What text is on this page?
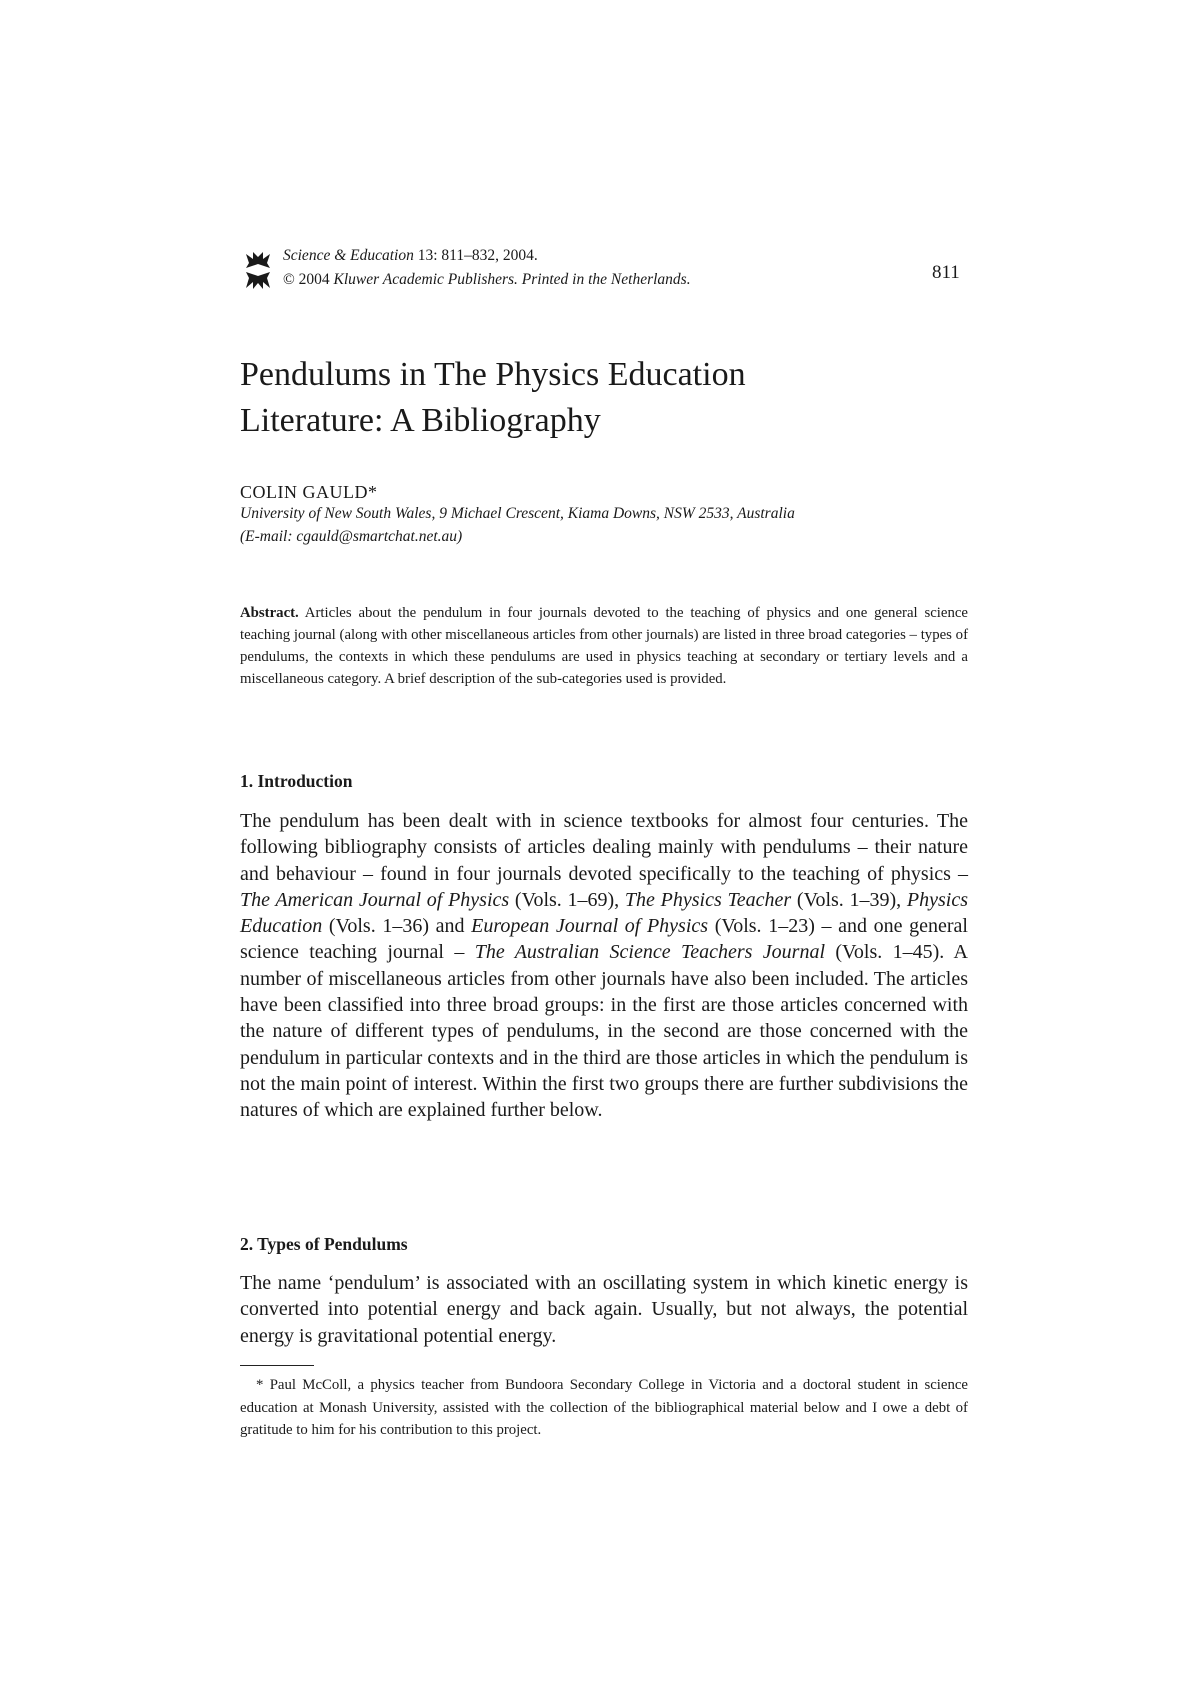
Science & Education 13: 811–832, 2004.
© 2004 Kluwer Academic Publishers. Printed in the Netherlands.	811
Pendulums in The Physics Education
Literature: A Bibliography
COLIN GAULD*
University of New South Wales, 9 Michael Crescent, Kiama Downs, NSW 2533, Australia
(E-mail: cgauld@smartchat.net.au)

Abstract. Articles about the pendulum in four journals devoted to the teaching of physics and one general science teaching journal (along with other miscellaneous articles from other journals) are listed in three broad categories – types of pendulums, the contexts in which these pendulums are used in physics teaching at secondary or tertiary levels and a miscellaneous category. A brief description of the sub-categories used is provided.

1. Introduction

The pendulum has been dealt with in science textbooks for almost four centuries. The following bibliography consists of articles dealing mainly with pendulums – their nature and behaviour – found in four journals devoted specifically to the teaching of physics – The American Journal of Physics (Vols. 1–69), The Physics Teacher (Vols. 1–39), Physics Education (Vols. 1–36) and European Journal of Physics (Vols. 1–23) – and one general science teaching journal – The Australian Science Teachers Journal (Vols. 1–45). A number of miscellaneous articles from other journals have also been included. The articles have been classified into three broad groups: in the first are those articles concerned with the nature of different types of pendulums, in the second are those concerned with the pendulum in particular contexts and in the third are those articles in which the pendulum is not the main point of interest. Within the first two groups there are further subdivisions the natures of which are explained further below.

2. Types of Pendulums

The name ‘pendulum’ is associated with an oscillating system in which kinetic energy is converted into potential energy and back again. Usually, but not always, the potential energy is gravitational potential energy.

* Paul McColl, a physics teacher from Bundoora Secondary College in Victoria and a doctoral student in science education at Monash University, assisted with the collection of the bibliographical material below and I owe a debt of gratitude to him for his contribution to this project.
